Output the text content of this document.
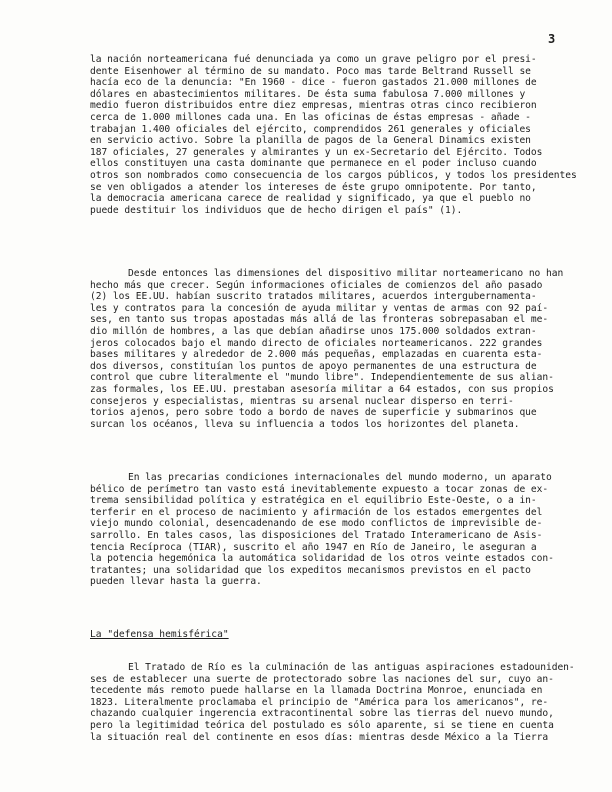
3
la nación norteamericana fué denunciada ya como un grave peligro por el presi-
dente Eisenhower al término de su mandato. Poco mas tarde Beltrand Russell se
hacía eco de la denuncia: "En 1960 - dice - fueron gastados 21.000 millones de
dólares en abastecimientos militares. De ésta suma fabulosa 7.000 millones y
medio fueron distribuidos entre diez empresas, mientras otras cinco recibieron
cerca de 1.000 millones cada una. En las oficinas de éstas empresas - añade -
trabajan 1.400 oficiales del ejército, comprendidos 261 generales y oficiales
en servicio activo. Sobre la planilla de pagos de la General Dinamics existen
187 oficiales, 27 generales y almirantes y un ex-Secretario del Ejército. Todos
ellos constituyen una casta dominante que permanece en el poder incluso cuando
otros son nombrados como consecuencia de los cargos públicos, y todos los presidentes
se ven obligados a atender los intereses de éste grupo omnipotente. Por tanto,
la democracia americana carece de realidad y significado, ya que el pueblo no
puede destituir los individuos que de hecho dirigen el país" (1).
Desde entonces las dimensiones del dispositivo militar norteamericano no han
hecho más que crecer. Según informaciones oficiales de comienzos del año pasado
(2) los EE.UU. habían suscrito tratados militares, acuerdos intergubernamenta-
les y contratos para la concesión de ayuda militar y ventas de armas con 92 paí-
ses, en tanto sus tropas apostadas más allá de las fronteras sobrepasaban el me-
dio millón de hombres, a las que debían añadirse unos 175.000 soldados extran-
jeros colocados bajo el mando directo de oficiales norteamericanos. 222 grandes
bases militares y alrededor de 2.000 más pequeñas, emplazadas en cuarenta esta-
dos diversos, constituían los puntos de apoyo permanentes de una estructura de
control que cubre literalmente el "mundo libre". Independientemente de sus alian-
zas formales, los EE.UU. prestaban asesoría militar a 64 estados, con sus propios
consejeros y especialistas, mientras su arsenal nuclear disperso en terri-
torios ajenos, pero sobre todo a bordo de naves de superficie y submarinos que
surcan los océanos, lleva su influencia a todos los horizontes del planeta.
En las precarias condiciones internacionales del mundo moderno, un aparato
bélico de perímetro tan vasto está inevitablemente expuesto a tocar zonas de ex-
trema sensibilidad política y estratégica en el equilibrio Este-Oeste, o a in-
terferir en el proceso de nacimiento y afirmación de los estados emergentes del
viejo mundo colonial, desencadenando de ese modo conflictos de imprevisible de-
sarrollo. En tales casos, las disposiciones del Tratado Interamericano de Asis-
tencia Recíproca (TIAR), suscrito el año 1947 en Río de Janeiro, le aseguran a
la potencia hegemónica la automática solidaridad de los otros veinte estados con-
tratantes; una solidaridad que los expeditos mecanismos previstos en el pacto
pueden llevar hasta la guerra.
La "defensa hemisférica"
El Tratado de Río es la culminación de las antiguas aspiraciones estadouniden-
ses de establecer una suerte de protectorado sobre las naciones del sur, cuyo an-
tecedente más remoto puede hallarse en la llamada Doctrina Monroe, enunciada en
1823. Literalmente proclamaba el principio de "América para los americanos", re-
chazando cualquier ingerencia extracontinental sobre las tierras del nuevo mundo,
pero la legitimidad teórica del postulado es sólo aparente, si se tiene en cuenta
la situación real del continente en esos días: mientras desde México a la Tierra
